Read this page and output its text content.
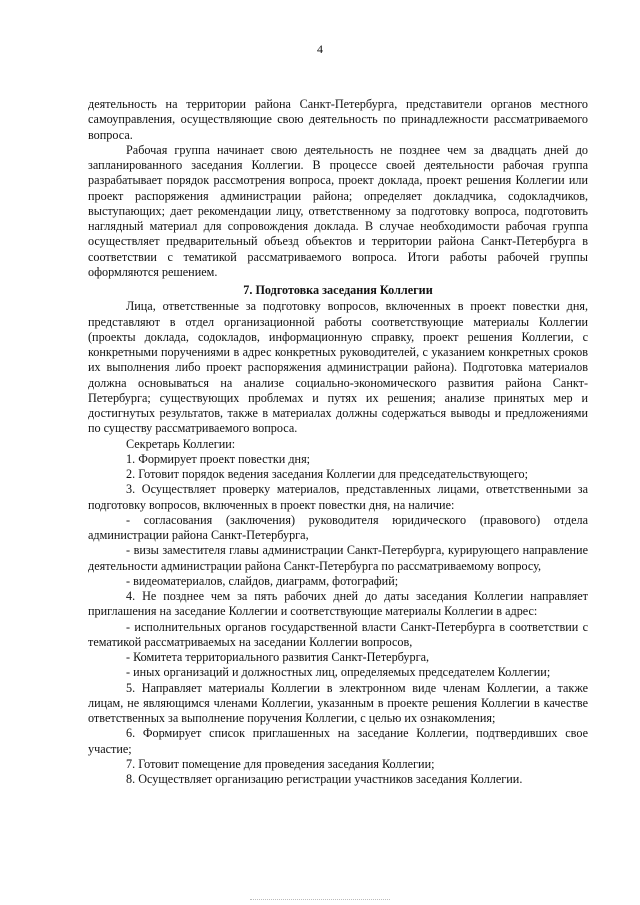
4

деятельность на территории района Санкт-Петербурга, представители органов местного самоуправления, осуществляющие свою деятельность по принадлежности рассматриваемого вопроса.

Рабочая группа начинает свою деятельность не позднее чем за двадцать дней до запланированного заседания Коллегии. В процессе своей деятельности рабочая группа разрабатывает порядок рассмотрения вопроса, проект доклада, проект решения Коллегии или проект распоряжения администрации района; определяет докладчика, содокладчиков, выступающих; дает рекомендации лицу, ответственному за подготовку вопроса, подготовить наглядный материал для сопровождения доклада. В случае необходимости рабочая группа осуществляет предварительный объезд объектов и территории района Санкт-Петербурга в соответствии с тематикой рассматриваемого вопроса. Итоги работы рабочей группы оформляются решением.

7. Подготовка заседания Коллегии

Лица, ответственные за подготовку вопросов, включенных в проект повестки дня, представляют в отдел организационной работы соответствующие материалы Коллегии (проекты доклада, содокладов, информационную справку, проект решения Коллегии, с конкретными поручениями в адрес конкретных руководителей, с указанием конкретных сроков их выполнения либо проект распоряжения администрации района). Подготовка материалов должна основываться на анализе социально-экономического развития района Санкт-Петербурга; существующих проблемах и путях их решения; анализе принятых мер и достигнутых результатов, также в материалах должны содержаться выводы и предложениями по существу рассматриваемого вопроса.

Секретарь Коллегии:

1. Формирует проект повестки дня;

2. Готовит порядок ведения заседания Коллегии для председательствующего;

3. Осуществляет проверку материалов, представленных лицами, ответственными за подготовку вопросов, включенных в проект повестки дня, на наличие:

- согласования (заключения) руководителя юридического (правового) отдела администрации района Санкт-Петербурга,

- визы заместителя главы администрации Санкт-Петербурга, курирующего направление деятельности администрации района Санкт-Петербурга по рассматриваемому вопросу,

- видеоматериалов, слайдов, диаграмм, фотографий;

4. Не позднее чем за пять рабочих дней до даты заседания Коллегии направляет приглашения на заседание Коллегии и соответствующие материалы Коллегии в адрес:

- исполнительных органов государственной власти Санкт-Петербурга в соответствии с тематикой рассматриваемых на заседании Коллегии вопросов,

- Комитета территориального развития Санкт-Петербурга,

- иных организаций и должностных лиц, определяемых председателем Коллегии;

5. Направляет материалы Коллегии в электронном виде членам Коллегии, а также лицам, не являющимся членами Коллегии, указанным в проекте решения Коллегии в качестве ответственных за выполнение поручения Коллегии, с целью их ознакомления;

6. Формирует список приглашенных на заседание Коллегии, подтвердивших свое участие;

7. Готовит помещение для проведения заседания Коллегии;

8. Осуществляет организацию регистрации участников заседания Коллегии.
